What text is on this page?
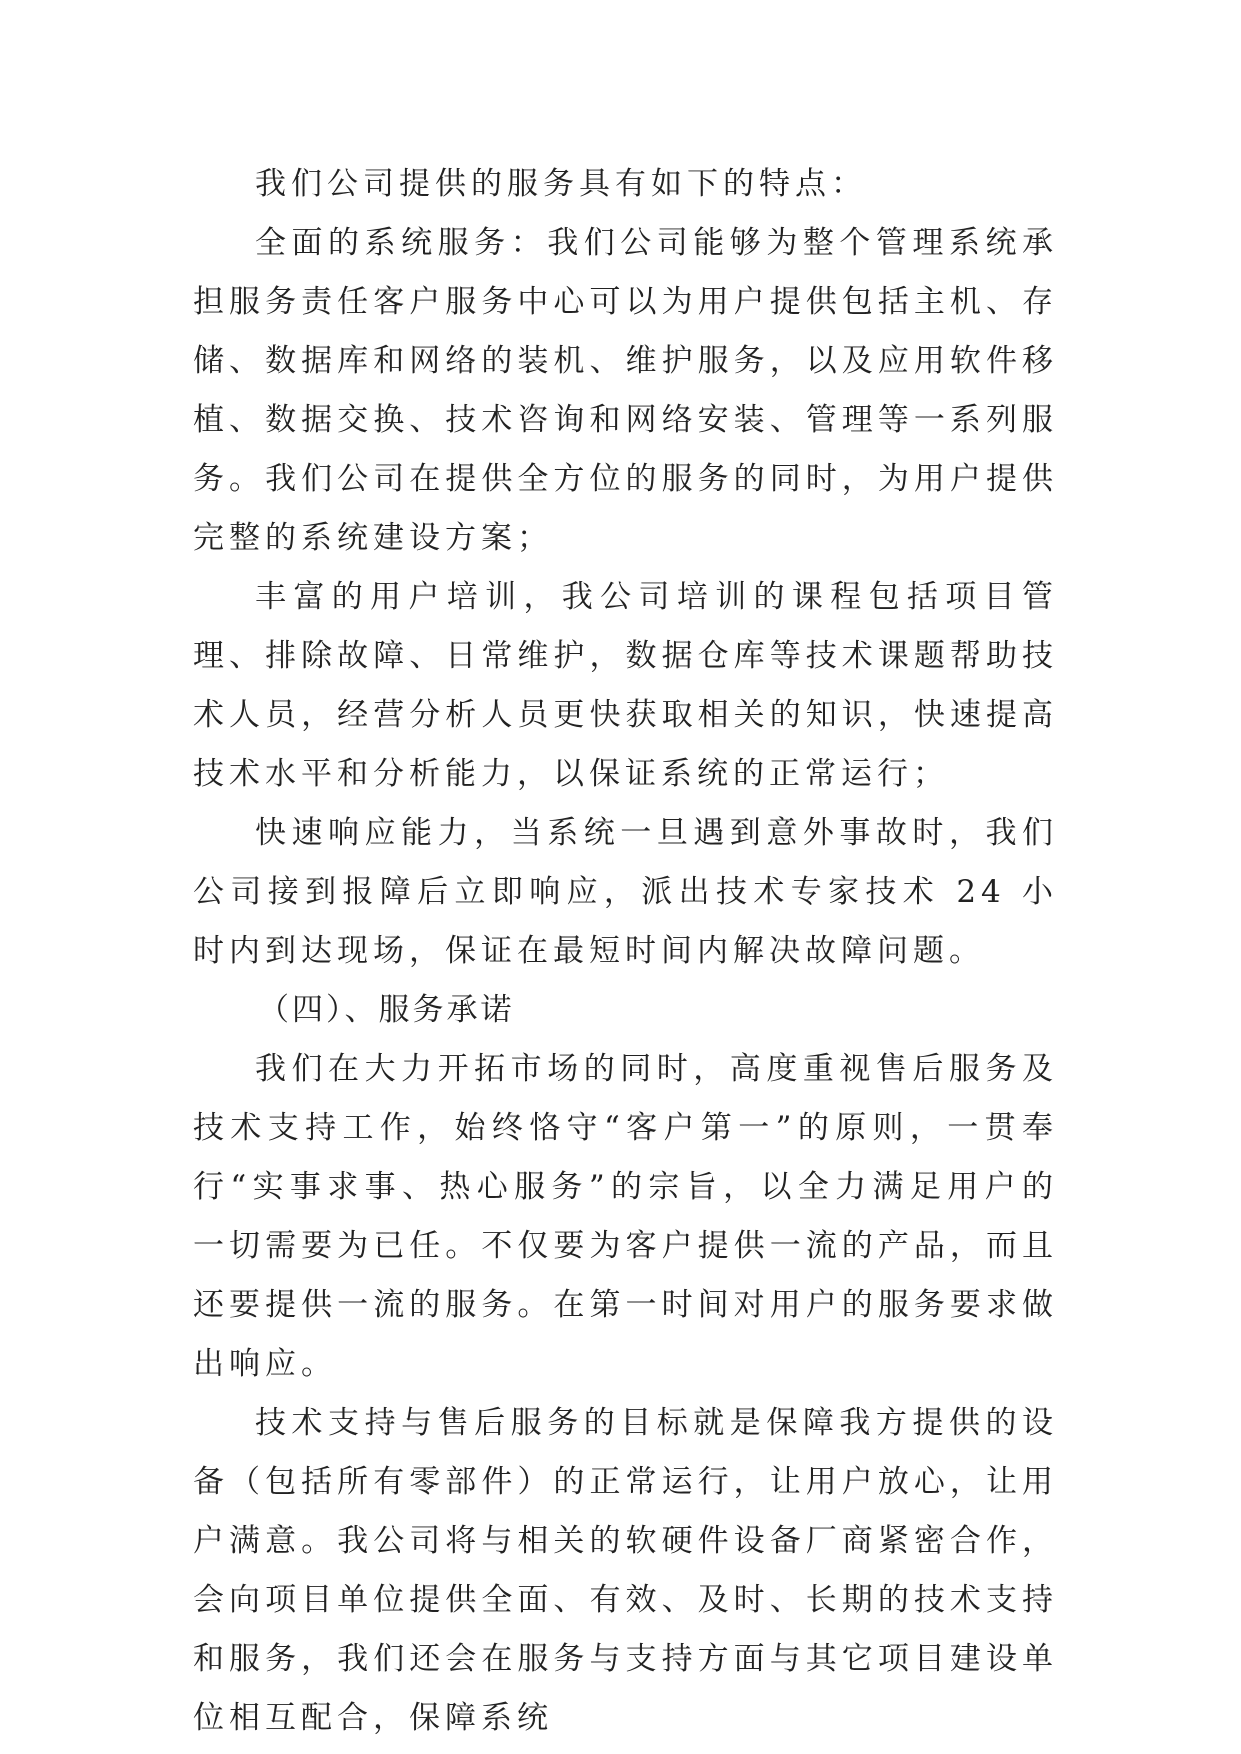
我们公司提供的服务具有如下的特点：

全面的系统服务：我们公司能够为整个管理系统承担服务责任客户服务中心可以为用户提供包括主机、存储、数据库和网络的装机、维护服务，以及应用软件移植、数据交换、技术咨询和网络安装、管理等一系列服务。我们公司在提供全方位的服务的同时，为用户提供完整的系统建设方案；

丰富的用户培训，我公司培训的课程包括项目管理、排除故障、日常维护，数据仓库等技术课题帮助技术人员，经营分析人员更快获取相关的知识，快速提高技术水平和分析能力，以保证系统的正常运行；

快速响应能力，当系统一旦遇到意外事故时，我们公司接到报障后立即响应，派出技术专家技术 24 小时内到达现场，保证在最短时间内解决故障问题。

（四）、服务承诺

我们在大力开拓市场的同时，高度重视售后服务及技术支持工作，始终恪守“客户第一”的原则，一贯奉行“实事求事、热心服务”的宗旨，以全力满足用户的一切需要为已任。不仅要为客户提供一流的产品，而且还要提供一流的服务。在第一时间对用户的服务要求做出响应。

技术支持与售后服务的目标就是保障我方提供的设备（包括所有零部件）的正常运行，让用户放心，让用户满意。我公司将与相关的软硬件设备厂商紧密合作，会向项目单位提供全面、有效、及时、长期的技术支持和服务，我们还会在服务与支持方面与其它项目建设单位相互配合，保障系统
